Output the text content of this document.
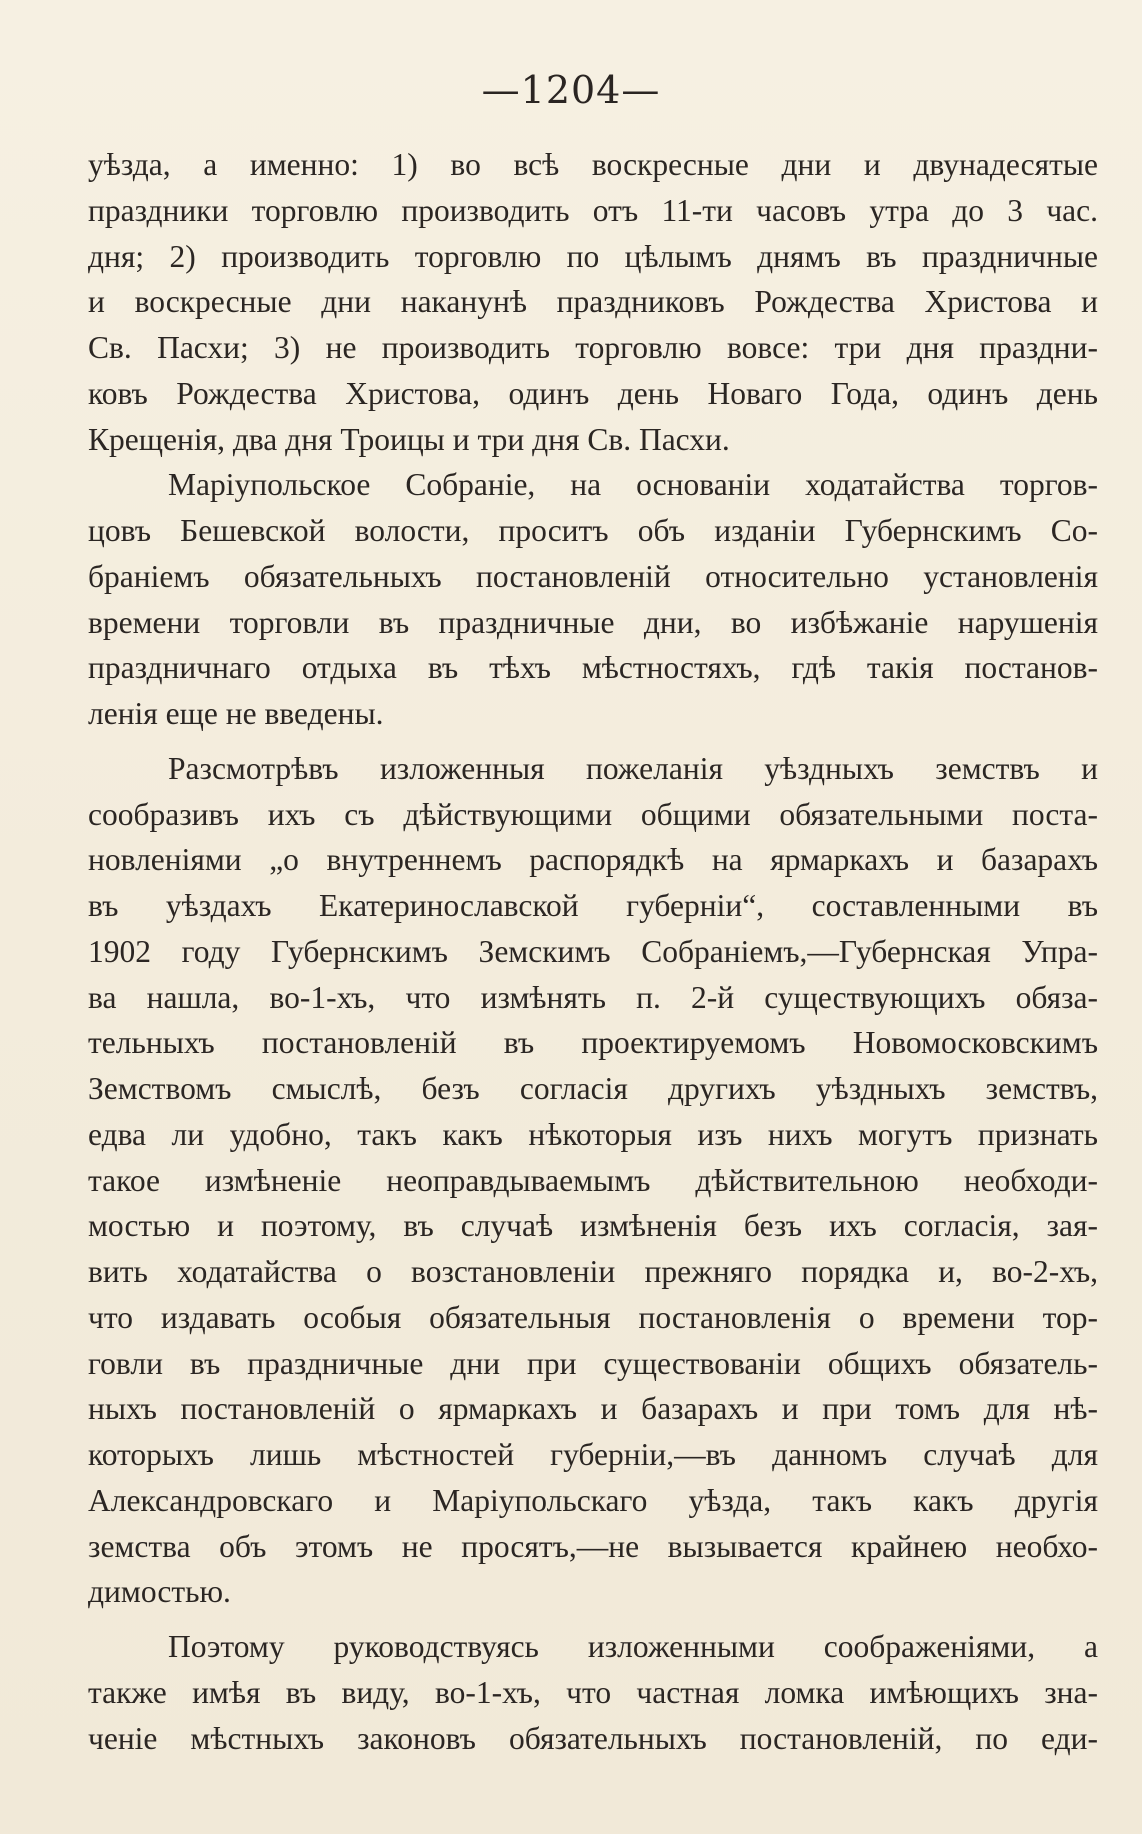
—1204—
уѣзда, а именно: 1) во всѣ воскресные дни и двунадесятые
праздники торговлю производить отъ 11-ти часовъ утра до 3 час.
дня; 2) производить торговлю по цѣлымъ днямъ въ праздничные
и воскресные дни наканунѣ праздниковъ Рождества Христова и
Св. Пасхи; 3) не производить торговлю вовсе: три дня праздни-
ковъ Рождества Христова, одинъ день Новаго Года, одинъ день
Крещенія, два дня Троицы и три дня Св. Пасхи.
Маріупольское Собраніе, на основаніи ходатайства торгов-
цовъ Бешевской волости, проситъ объ изданіи Губернскимъ Со-
браніемъ обязательныхъ постановленій относительно установленія
времени торговли въ праздничные дни, во избѣжаніе нарушенія
праздничнаго отдыха въ тѣхъ мѣстностяхъ, гдѣ такія постанов-
ленія еще не введены.
Разсмотрѣвъ изложенныя пожеланія уѣздныхъ земствъ и
сообразивъ ихъ съ дѣйствующими общими обязательными поста-
новленіями „о внутреннемъ распорядкѣ на ярмаркахъ и базарахъ
въ уѣздахъ Екатеринославской губерніи“, составленными въ
1902 году Губернскимъ Земскимъ Собраніемъ,—Губернская Упра-
ва нашла, во-1-хъ, что измѣнять п. 2-й существующихъ обяза-
тельныхъ постановленій въ проектируемомъ Новомосковскимъ
Земствомъ смыслѣ, безъ согласія другихъ уѣздныхъ земствъ,
едва ли удобно, такъ какъ нѣкоторыя изъ нихъ могутъ признать
такое измѣненіе неоправдываемымъ дѣйствительною необходи-
мостью и поэтому, въ случаѣ измѣненія безъ ихъ согласія, зая-
вить ходатайства о возстановленіи прежняго порядка и, во-2-хъ,
что издавать особыя обязательныя постановленія о времени тор-
говли въ праздничные дни при существованіи общихъ обязатель-
ныхъ постановленій о ярмаркахъ и базарахъ и при томъ для нѣ-
которыхъ лишь мѣстностей губерніи,—въ данномъ случаѣ для
Александровскаго и Маріупольскаго уѣзда, такъ какъ другія
земства объ этомъ не просятъ,—не вызывается крайнею необхо-
димостью.
Поэтому руководствуясь изложенными соображеніями, а
также имѣя въ виду, во-1-хъ, что частная ломка имѣющихъ зна-
ченіе мѣстныхъ законовъ обязательныхъ постановленій, по еди-
